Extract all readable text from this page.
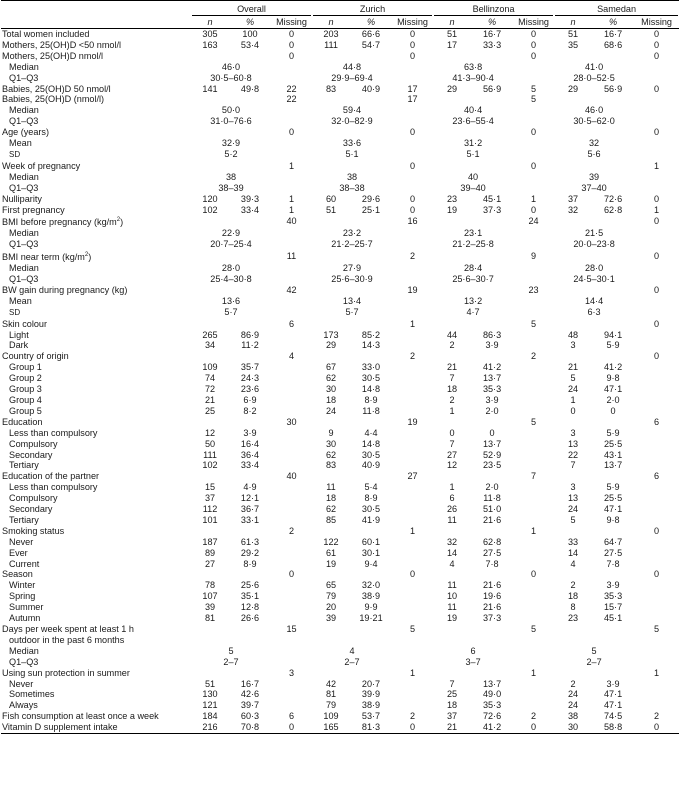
	Overall			Zurich			Bellinzona			Samedan		

	n	%	Missing	n	%	Missing	n	%	Missing	n	%	Missing
Total women included	305	100	0	203	66·6	0	51	16·7	0	51	16·7	0
Mothers, 25(OH)D <50 nmol/l	163	53·4	0	111	54·7	0	17	33·3	0	35	68·6	0
Mothers, 25(OH)D nmol/l			0			0			0			0
Median	46·0			44·8			63·8			41·0		
Q1–Q3	30·5–60·8			29·9–69·4			41·3–90·4			28·0–52·5		
Babies, 25(OH)D 50 nmol/l	141	49·8	22	83	40·9	17	29	56·9	5	29	56·9	0
Babies, 25(OH)D (nmol/l)			22			17			5			
Median	50·0			59·4			40·4			46·0		
Q1–Q3	31·0–76·6			32·0–82·9			23·6–55·4			30·5–62·0		
Age (years)			0			0			0			0
Mean	32·9			33·6			31·2			32		
SD	5·2			5·1			5·1			5·6		
Week of pregnancy			1			0			0			1
Median	38			38			40			39		
Q1–Q3	38–39			38–38			39–40			37–40		
Nulliparity	120	39·3	1	60	29·6	0	23	45·1	1	37	72·6	0
First pregnancy	102	33·4	1	51	25·1	0	19	37·3	0	32	62·8	1
BMI before pregnancy $(kg/m^2)$			40			16			24			0
Median	22·9			23·2			23·1			21·5		
Q1–Q3	20·7–25·4			21·2–25·7			21·2–25·8			20·0–23·8		
BMI near term $(kg/m^2)$			11			2			9			0
Median	28·0			27·9			28·4			28·0		
Q1–Q3	25·4–30·8			25·6–30·9			25·6–30·7			24·5–30·1		
BW gain during pregnancy (kg)			42			19			23			0
Mean	13·6			13·4			13·2			14·4		
SD	5·7			5·7			4·7			6·3		
Skin colour			6			1			5			0
Light	265	86·9		173	85·2		44	86·3		48	94·1	
Dark	34	11·2		29	14·3		2	3·9		3	5·9	
Country of origin			4			2			2			0
Group 1	109	35·7		67	33·0		21	41·2		21	41·2	
Group 2	74	24·3		62	30·5		7	13·7		5	9·8	
Group 3	72	23·6		30	14·8		18	35·3		24	47·1	
Group 4	21	6·9		18	8·9		2	3·9		1	2·0	
Group 5	25	8·2		24	11·8		1	2·0		0	0	
Education			30			19			5			6
Less than compulsory	12	3·9		9	4·4		0	0		3	5·9	
Compulsory	50	16·4		30	14·8		7	13·7		13	25·5	
Secondary	111	36·4		62	30·5		27	52·9		22	43·1	
Tertiary	102	33·4		83	40·9		12	23·5		7	13·7	
Education of the partner			40			27			7			6
Less than compulsory	15	4·9		11	5·4		1	2·0		3	5·9	
Compulsory	37	12·1		18	8·9		6	11·8		13	25·5	
Secondary	112	36·7		62	30·5		26	51·0		24	47·1	
Tertiary	101	33·1		85	41·9		11	21·6		5	9·8	
Smoking status			2			1			1			0
Never	187	61·3		122	60·1		32	62·8		33	64·7	
Ever	89	29·2		61	30·1		14	27·5		14	27·5	
Current	27	8·9		19	9·4		4	7·8		4	7·8	
Season			0			0			0			0
Winter	78	25·6		65	32·0		11	21·6		2	3·9	
Spring	107	35·1		79	38·9		10	19·6		18	35·3	
Summer	39	12·8		20	9·9		11	21·6		8	15·7	
Autumn	81	26·6		39	19·21		19	37·3		23	45·1	
Days per week spent at least 1 h			15			5			5			5
outdoor in the past 6 months												
Median	5			4			6			5		
Q1–Q3	2–7			2–7			3–7			2–7		
Using sun protection in summer			3			1			1			1
Never	51	16·7		42	20·7		7	13·7		2	3·9	
Sometimes	130	42·6		81	39·9		25	49·0		24	47·1	
Always	121	39·7		79	38·9		18	35·3		24	47·1	
Fish consumption at least once a week	184	60·3	6	109	53·7	2	37	72·6	2	38	74·5	2
Vitamin D supplement intake	216	70·8	0	165	81·3	0	21	41·2	0	30	58·8	0
